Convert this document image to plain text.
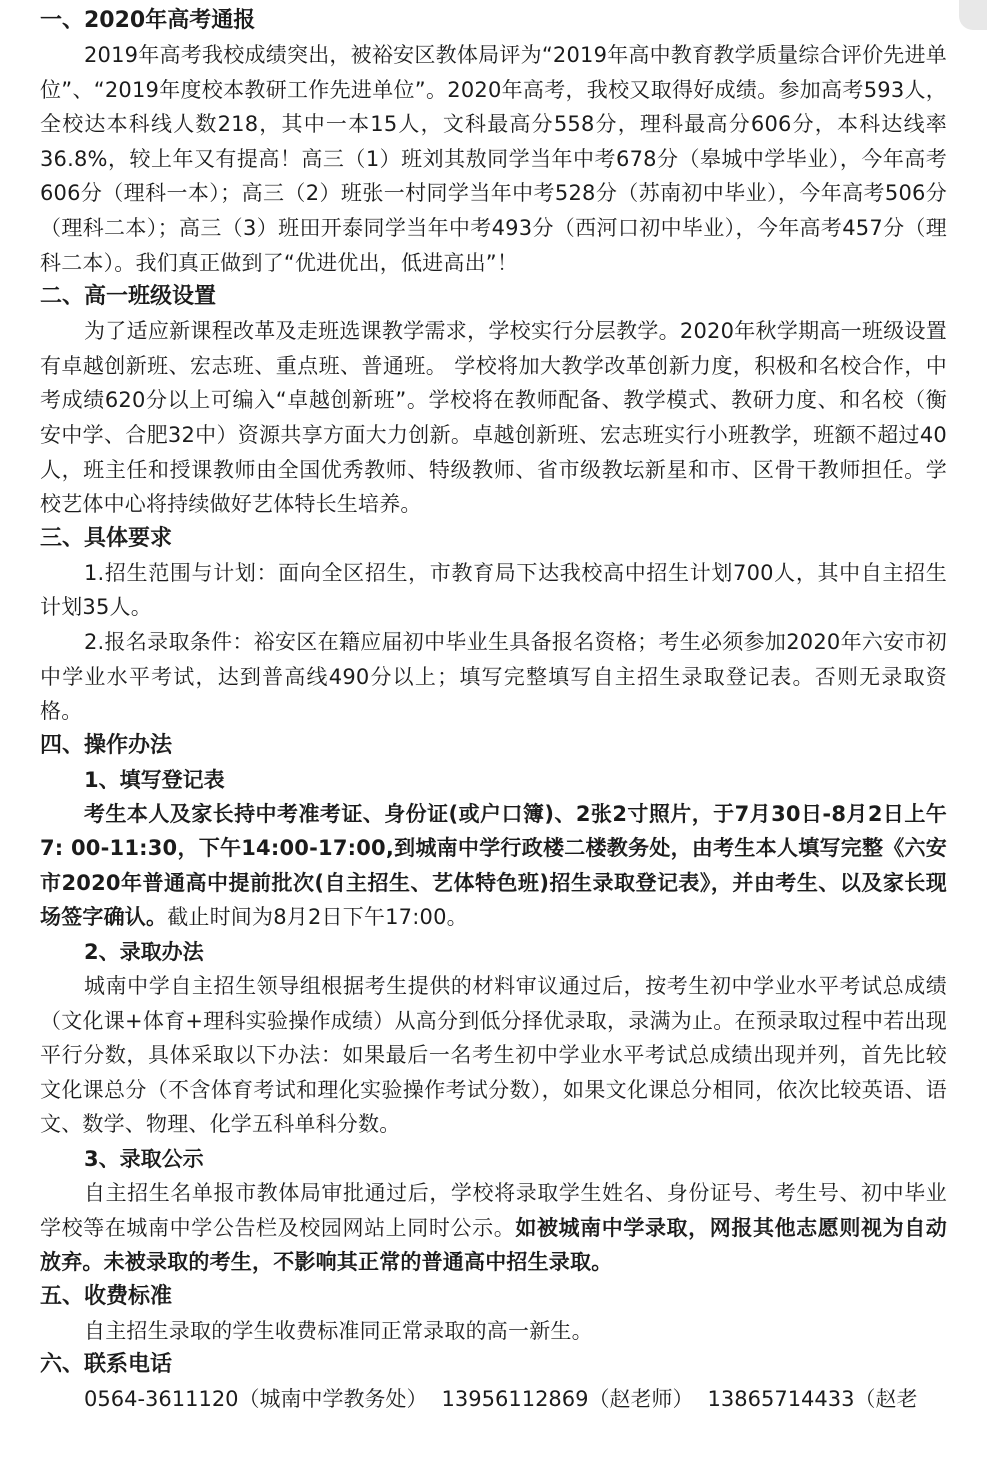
一、2020年高考通报

2019年高考我校成绩突出，被裕安区教体局评为“2019年高中教育教学质量综合评价先进单位”、“2019年度校本教研工作先进单位”。2020年高考，我校又取得好成绩。参加高考593人，全校达本科线人数218，其中一本15人，文科最高分558分，理科最高分606分，本科达线率36.8%，较上年又有提高！高三（1）班刘其敖同学当年中考678分（皋城中学毕业），今年高考606分（理科一本）；高三（2）班张一村同学当年中考528分（苏南初中毕业），今年高考506分（理科二本）；高三（3）班田开泰同学当年中考493分（西河口初中毕业），今年高考457分（理科二本）。我们真正做到了“优进优出，低进高出”！

二、高一班级设置

为了适应新课程改革及走班选课教学需求，学校实行分层教学。2020年秋学期高一班级设置有卓越创新班、宏志班、重点班、普通班。 学校将加大教学改革创新力度，积极和名校合作，中考成绩620分以上可编入“卓越创新班”。学校将在教师配备、教学模式、教研力度、和名校（衡安中学、合肥32中）资源共享方面大力创新。卓越创新班、宏志班实行小班教学，班额不超过40人，班主任和授课教师由全国优秀教师、特级教师、省市级教坛新星和市、区骨干教师担任。学校艺体中心将持续做好艺体特长生培养。

三、具体要求

1.招生范围与计划：面向全区招生，市教育局下达我校高中招生计划700人，其中自主招生计划35人。

2.报名录取条件：裕安区在籍应届初中毕业生具备报名资格；考生必须参加2020年六安市初中学业水平考试，达到普高线490分以上；填写完整填写自主招生录取登记表。否则无录取资格。

四、操作办法

1、填写登记表

考生本人及家长持中考准考证、身份证(或户口簿)、2张2寸照片，于7月30日-8月2日上午7: 00-11:30，下午14:00-17:00,到城南中学行政楼二楼教务处，由考生本人填写完整《六安市2020年普通高中提前批次(自主招生、艺体特色班)招生录取登记表》，并由考生、以及家长现场签字确认。截止时间为8月2日下午17:00。

2、录取办法

城南中学自主招生领导组根据考生提供的材料审议通过后，按考生初中学业水平考试总成绩（文化课+体育+理科实验操作成绩）从高分到低分择优录取，录满为止。在预录取过程中若出现平行分数，具体采取以下办法：如果最后一名考生初中学业水平考试总成绩出现并列，首先比较文化课总分（不含体育考试和理化实验操作考试分数），如果文化课总分相同，依次比较英语、语文、数学、物理、化学五科单科分数。

3、录取公示

自主招生名单报市教体局审批通过后，学校将录取学生姓名、身份证号、考生号、初中毕业学校等在城南中学公告栏及校园网站上同时公示。如被城南中学录取，网报其他志愿则视为自动放弃。未被录取的考生，不影响其正常的普通高中招生录取。

五、收费标准

自主招生录取的学生收费标准同正常录取的高一新生。

六、联系电话

0564-3611120（城南中学教务处） 13956112869（赵老师） 13865714433（赵老
